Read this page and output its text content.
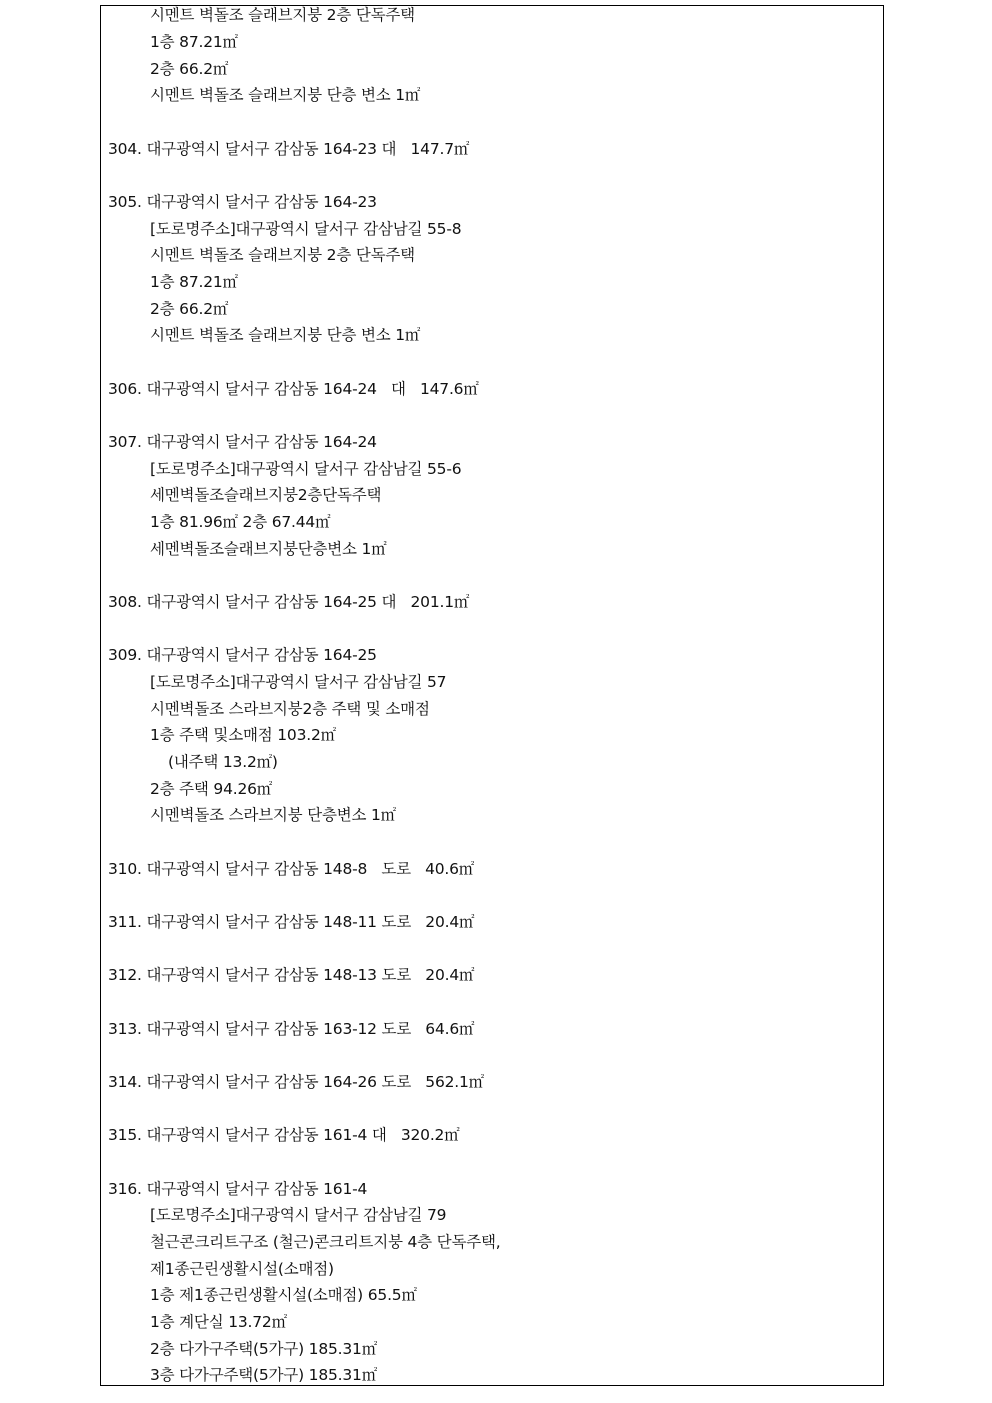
시멘트 벽돌조 슬래브지붕 2층 단독주택
1층 87.21㎡
2층 66.2㎡
시멘트 벽돌조 슬래브지붕 단층 변소 1㎡
304. 대구광역시 달서구 감삼동 164-23 대   147.7㎡
305. 대구광역시 달서구 감삼동 164-23
[도로명주소]대구광역시 달서구 감삼남길 55-8
시멘트 벽돌조 슬래브지붕 2층 단독주택
1층 87.21㎡
2층 66.2㎡
시멘트 벽돌조 슬래브지붕 단층 변소 1㎡
306. 대구광역시 달서구 감삼동 164-24   대   147.6㎡
307. 대구광역시 달서구 감삼동 164-24
[도로명주소]대구광역시 달서구 감삼남길 55-6
세멘벽돌조슬래브지붕2층단독주택
1층 81.96㎡ 2층 67.44㎡
세멘벽돌조슬래브지붕단층변소 1㎡
308. 대구광역시 달서구 감삼동 164-25 대   201.1㎡
309. 대구광역시 달서구 감삼동 164-25
[도로명주소]대구광역시 달서구 감삼남길 57
시멘벽돌조 스라브지붕2층 주택 및 소매점
1층 주택 및소매점 103.2㎡
(내주택 13.2㎡)
2층 주택 94.26㎡
시멘벽돌조 스라브지붕 단층변소 1㎡
310. 대구광역시 달서구 감삼동 148-8   도로   40.6㎡
311. 대구광역시 달서구 감삼동 148-11 도로   20.4㎡
312. 대구광역시 달서구 감삼동 148-13 도로   20.4㎡
313. 대구광역시 달서구 감삼동 163-12 도로   64.6㎡
314. 대구광역시 달서구 감삼동 164-26 도로   562.1㎡
315. 대구광역시 달서구 감삼동 161-4 대   320.2㎡
316. 대구광역시 달서구 감삼동 161-4
[도로명주소]대구광역시 달서구 감삼남길 79
철근콘크리트구조 (철근)콘크리트지붕 4층 단독주택,
제1종근린생활시설(소매점)
1층 제1종근린생활시설(소매점) 65.5㎡
1층 계단실 13.72㎡
2층 다가구주택(5가구) 185.31㎡
3층 다가구주택(5가구) 185.31㎡
